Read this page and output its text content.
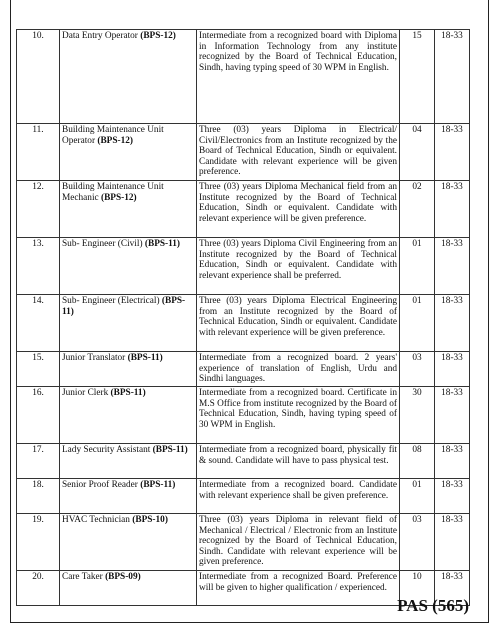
10.	Data Entry Operator (BPS-12)	Intermediate from a recognized board with Diploma in Information Technology from any institute recognized by the Board of Technical Education, Sindh, having typing speed of 30 WPM in English.	15	18-33
11.	Building Maintenance Unit Operator (BPS-12)	Three (03) years Diploma in Electrical/ Civil/Electronics from an Institute recognized by the Board of Technical Education, Sindh or equivalent. Candidate with relevant experience will be given preference.	04	18-33
12.	Building Maintenance Unit Mechanic (BPS-12)	Three (03) years Diploma Mechanical field from an Institute recognized by the Board of Technical Education, Sindh or equivalent. Candidate with relevant experience will be given preference.	02	18-33
13.	Sub- Engineer (Civil) (BPS-11)	Three (03) years Diploma Civil Engineering from an Institute recognized by the Board of Technical Education, Sindh or equivalent. Candidate with relevant experience shall be preferred.	01	18-33
14.	Sub- Engineer (Electrical) (BPS-11)	Three (03) years Diploma Electrical Engineering from an Institute recognized by the Board of Technical Education, Sindh or equivalent. Candidate with relevant experience will be given preference.	01	18-33
15.	Junior Translator (BPS-11)	Intermediate from a recognized board. 2 years' experience of translation of English, Urdu and Sindhi languages.	03	18-33
16.	Junior Clerk (BPS-11)	Intermediate from a recognized board. Certificate in M.S Office from institute recognized by the Board of Technical Education, Sindh, having typing speed of 30 WPM in English.	30	18-33
17.	Lady Security Assistant (BPS-11)	Intermediate from a recognized board, physically fit & sound. Candidate will have to pass physical test.	08	18-33
18.	Senior Proof Reader (BPS-11)	Intermediate from a recognized board. Candidate with relevant experience shall be given preference.	01	18-33
19.	HVAC Technician (BPS-10)	Three (03) years Diploma in relevant field of Mechanical / Electrical / Electronic from an Institute recognized by the Board of Technical Education, Sindh. Candidate with relevant experience will be given preference.	03	18-33
20.	Care Taker (BPS-09)	Intermediate from a recognized Board. Preference will be given to higher qualification / experienced.	10	18-33
PAS (565)
